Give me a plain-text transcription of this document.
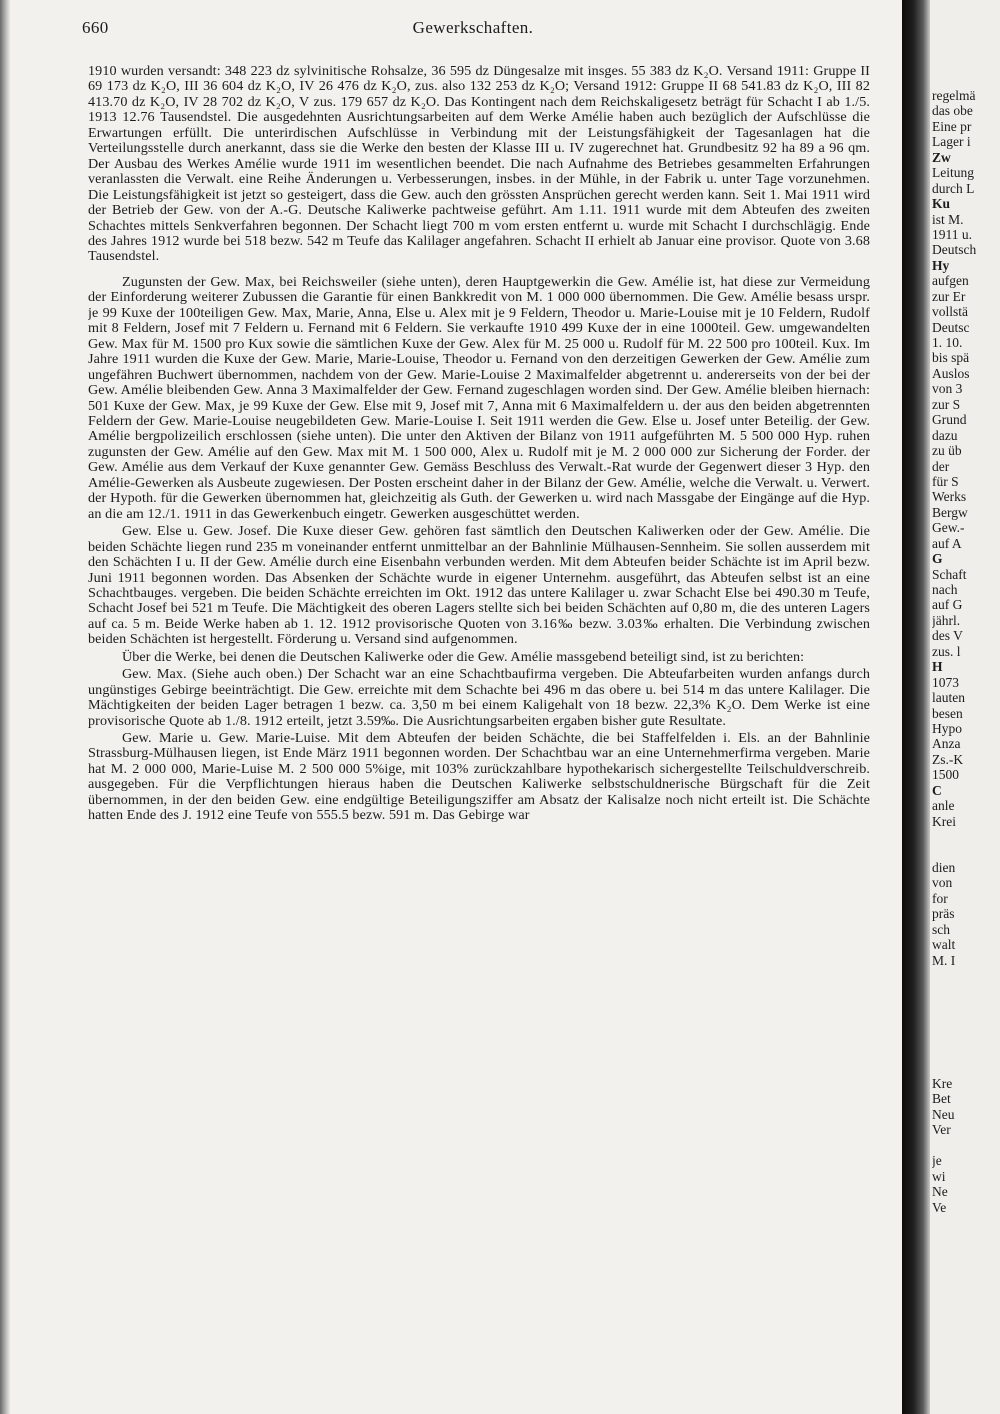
660	Gewerkschaften.

1910 wurden versandt: 348 223 dz sylvinitische Rohsalze, 36 595 dz Düngesalze mit insges. 55 383 dz K₂O. Versand 1911: Gruppe II 69 173 dz K₂O, III 36 604 dz K₂O, IV 26 476 dz K₂O, zus. also 132 253 dz K₂O; Versand 1912: Gruppe II 68 541.83 dz K₂O, III 82 413.70 dz K₂O, IV 28 702 dz K₂O, V zus. 179 657 dz K₂O. Das Kontingent nach dem Reichskaligesetz beträgt für Schacht I ab 1./5. 1913 12.76 Tausendstel. Die ausgedehnten Ausrichtungsarbeiten auf dem Werke Amélie haben auch bezüglich der Aufschlüsse die Erwartungen erfüllt. Die unterirdischen Aufschlüsse in Verbindung mit der Leistungsfähigkeit der Tagesanlagen hat die Verteilungsstelle durch anerkannt, dass sie die Werke den besten der Klasse III u. IV zugerechnet hat. Grundbesitz 92 ha 89 a 96 qm. Der Ausbau des Werkes Amélie wurde 1911 im wesentlichen beendet. Die nach Aufnahme des Betriebes gesammelten Erfahrungen veranlassten die Verwalt. eine Reihe Änderungen u. Verbesserungen, insbes. in der Mühle, in der Fabrik u. unter Tage vorzunehmen. Die Leistungsfähigkeit ist jetzt so gesteigert, dass die Gew. auch den grössten Ansprüchen gerecht werden kann. Seit 1. Mai 1911 wird der Betrieb der Gew. von der A.-G. Deutsche Kaliwerke pachtweise geführt. Am 1.11. 1911 wurde mit dem Abteufen des zweiten Schachtes mittels Senkverfahren begonnen. Der Schacht liegt 700 m vom ersten entfernt u. wurde mit Schacht I durchschlägig. Ende des Jahres 1912 wurde bei 518 bezw. 542 m Teufe das Kalilager angefahren. Schacht II erhielt ab Januar eine provisor. Quote von 3.68 Tausendstel.

Zugunsten der Gew. Max, bei Reichsweiler (siehe unten), deren Hauptgewerkin die Gew. Amélie ist, hat diese zur Vermeidung der Einforderung weiterer Zubussen die Garantie für einen Bankkredit von M. 1 000 000 übernommen. Die Gew. Amélie besass urspr. je 99 Kuxe der 100teiligen Gew. Max, Marie, Anna, Else u. Alex mit je 9 Feldern, Theodor u. Marie-Louise mit je 10 Feldern, Rudolf mit 8 Feldern, Josef mit 7 Feldern u. Fernand mit 6 Feldern. Sie verkaufte 1910 499 Kuxe der in eine 1000teil. Gew. umgewandelten Gew. Max für M. 1500 pro Kux sowie die sämtlichen Kuxe der Gew. Alex für M. 25 000 u. Rudolf für M. 22 500 pro 100teil. Kux. Im Jahre 1911 wurden die Kuxe der Gew. Marie, Marie-Louise, Theodor u. Fernand von den derzeitigen Gewerken der Gew. Amélie zum ungefähren Buchwert übernommen, nachdem von der Gew. Marie-Louise 2 Maximalfelder abgetrennt u. andererseits von der bei der Gew. Amélie bleibenden Gew. Anna 3 Maximalfelder der Gew. Fernand zugeschlagen worden sind. Der Gew. Amélie bleiben hiernach: 501 Kuxe der Gew. Max, je 99 Kuxe der Gew. Else mit 9, Josef mit 7, Anna mit 6 Maximalfeldern u. der aus den beiden abgetrennten Feldern der Gew. Marie-Louise neugebildeten Gew. Marie-Louise I. Seit 1911 werden die Gew. Else u. Josef unter Beteilig. der Gew. Amélie bergpolizeilich erschlossen (siehe unten). Die unter den Aktiven der Bilanz von 1911 aufgeführten M. 5 500 000 Hyp. ruhen zugunsten der Gew. Amélie auf den Gew. Max mit M. 1 500 000, Alex u. Rudolf mit je M. 2 000 000 zur Sicherung der Forder. der Gew. Amélie aus dem Verkauf der Kuxe genannter Gew. Gemäss Beschluss des Verwalt.-Rat wurde der Gegenwert dieser 3 Hyp. den Amélie-Gewerken als Ausbeute zugewiesen. Der Posten erscheint daher in der Bilanz der Gew. Amélie, welche die Verwalt. u. Verwert. der Hypoth. für die Gewerken übernommen hat, gleichzeitig als Guth. der Gewerken u. wird nach Massgabe der Eingänge auf die Hyp. an die am 12./1. 1911 in das Gewerkenbuch eingetr. Gewerken ausgeschüttet werden.

Gew. Else u. Gew. Josef. Die Kuxe dieser Gew. gehören fast sämtlich den Deutschen Kaliwerken oder der Gew. Amélie. Die beiden Schächte liegen rund 235 m voneinander entfernt unmittelbar an der Bahnlinie Mülhausen-Sennheim. Sie sollen ausserdem mit den Schächten I u. II der Gew. Amélie durch eine Eisenbahn verbunden werden. Mit dem Abteufen beider Schächte ist im April bezw. Juni 1911 begonnen worden. Das Absenken der Schächte wurde in eigener Unternehm. ausgeführt, das Abteufen selbst ist an eine Schachtbauges. vergeben. Die beiden Schächte erreichten im Okt. 1912 das untere Kalilager u. zwar Schacht Else bei 490.30 m Teufe, Schacht Josef bei 521 m Teufe. Die Mächtigkeit des oberen Lagers stellte sich bei beiden Schächten auf 0,80 m, die des unteren Lagers auf ca. 5 m. Beide Werke haben ab 1. 12. 1912 provisorische Quoten von 3.16‰ bezw. 3.03‰ erhalten. Die Verbindung zwischen beiden Schächten ist hergestellt. Förderung u. Versand sind aufgenommen.

Über die Werke, bei denen die Deutschen Kaliwerke oder die Gew. Amélie massgebend beteiligt sind, ist zu berichten:

Gew. Max. (Siehe auch oben.) Der Schacht war an eine Schachtbaufirma vergeben. Die Abteufarbeiten wurden anfangs durch ungünstiges Gebirge beeinträchtigt. Die Gew. erreichte mit dem Schachte bei 496 m das obere u. bei 514 m das untere Kalilager. Die Mächtigkeiten der beiden Lager betragen 1 bezw. ca. 3,50 m bei einem Kaligehalt von 18 bezw. 22,3% K₂O. Dem Werke ist eine provisorische Quote ab 1./8. 1912 erteilt, jetzt 3.59‰. Die Ausrichtungsarbeiten ergaben bisher gute Resultate.

Gew. Marie u. Gew. Marie-Luise. Mit dem Abteufen der beiden Schächte, die bei Staffelfelden i. Els. an der Bahnlinie Strassburg-Mülhausen liegen, ist Ende März 1911 begonnen worden. Der Schachtbau war an eine Unternehmerfirma vergeben. Marie hat M. 2 000 000, Marie-Luise M. 2 500 000 5%ige, mit 103% zurückzahlbare hypothekarisch sichergestellte Teilschuldverschreib. ausgegeben. Für die Verpflichtungen hieraus haben die Deutschen Kaliwerke selbstschuldnerische Bürgschaft für die Zeit übernommen, in der den beiden Gew. eine endgültige Beteiligungsziffer am Absatz der Kalisalze noch nicht erteilt ist. Die Schächte hatten Ende des J. 1912 eine Teufe von 555.5 bezw. 591 m. Das Gebirge war

regelmä
das obe
Eine pr
Lager i
Zw
Leitung
durch L
Ku
ist M.
1911 u.
Deutsch
Hy
aufgen
zur Er
vollstä
Deutsc
1. 10.
bis spä
Auslos
von 3
zur S
Grund
dazu
zu üb
der
für S
Werks
Bergw
Gew.-
auf A
G
Schaft
nach
auf G
jährl.
des V
zus. l
H
1073
lauten
besen
Hypo
Anza
Zs.-K
1500
C
anle
Krei
dien
von
for
präs
sch
walt
M. I
Kre
Bet
Neu
Ver
je
wi
Ne
Ve
